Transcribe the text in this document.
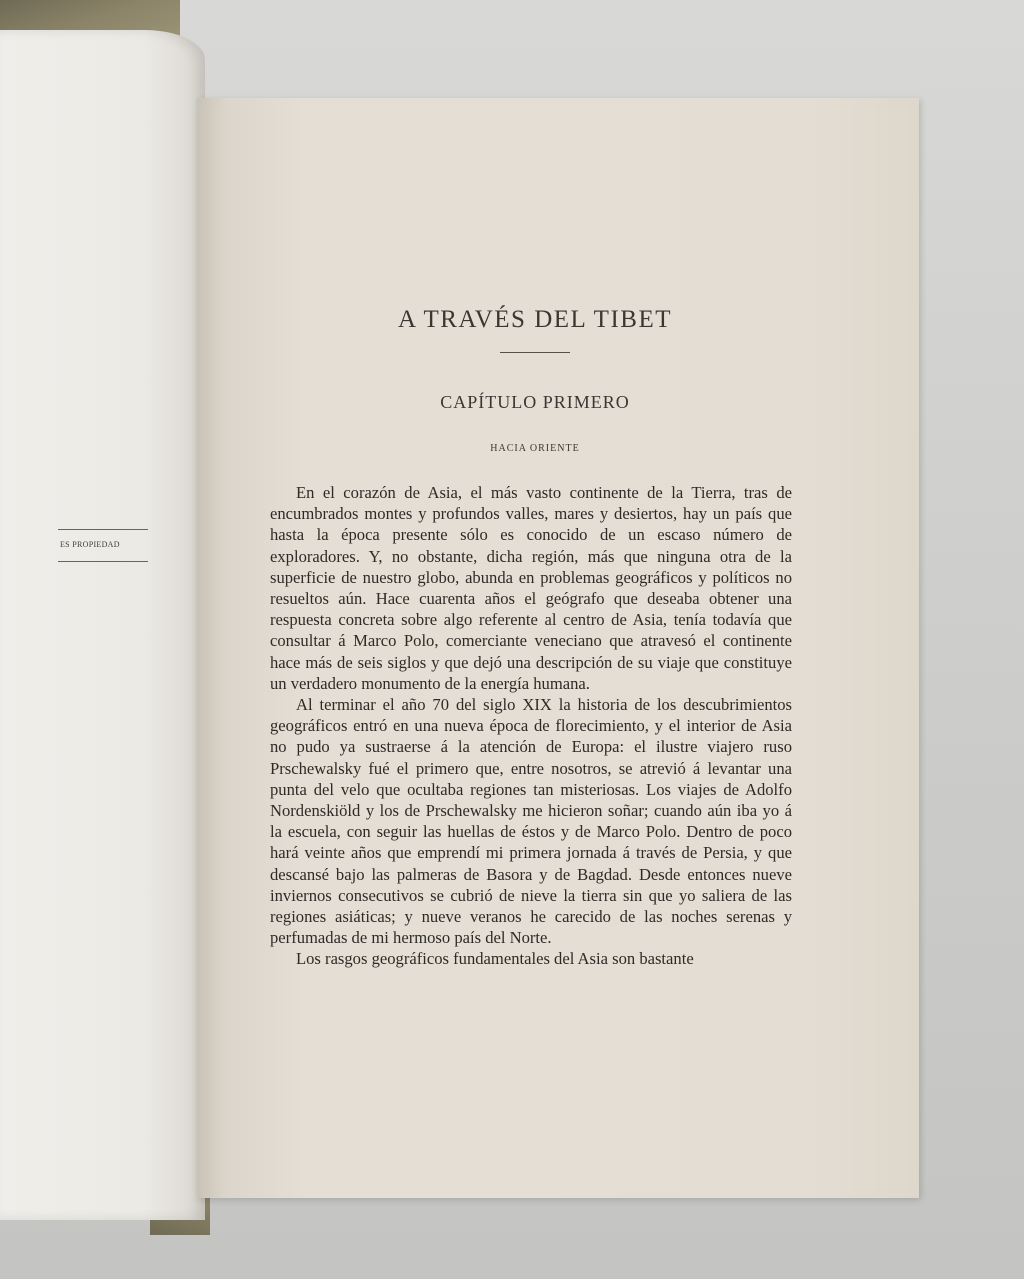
ES PROPIEDAD
A TRAVÉS DEL TIBET
CAPÍTULO PRIMERO
HACIA ORIENTE

En el corazón de Asia, el más vasto continente de la Tierra, tras de encumbrados montes y profundos valles, mares y desiertos, hay un país que hasta la época presente sólo es conocido de un escaso número de exploradores. Y, no obstante, dicha región, más que ninguna otra de la superficie de nuestro globo, abunda en problemas geográficos y políticos no resueltos aún. Hace cuarenta años el geógrafo que deseaba obtener una respuesta concreta sobre algo referente al centro de Asia, tenía todavía que consultar á Marco Polo, comerciante veneciano que atravesó el continente hace más de seis siglos y que dejó una descripción de su viaje que constituye un verdadero monumento de la energía humana.

Al terminar el año 70 del siglo XIX la historia de los descubrimientos geográficos entró en una nueva época de florecimiento, y el interior de Asia no pudo ya sustraerse á la atención de Europa: el ilustre viajero ruso Prschewalsky fué el primero que, entre nosotros, se atrevió á levantar una punta del velo que ocultaba regiones tan misteriosas. Los viajes de Adolfo Nordenskiöld y los de Prschewalsky me hicieron soñar; cuando aún iba yo á la escuela, con seguir las huellas de éstos y de Marco Polo. Dentro de poco hará veinte años que emprendí mi primera jornada á través de Persia, y que descansé bajo las palmeras de Basora y de Bagdad. Desde entonces nueve inviernos consecutivos se cubrió de nieve la tierra sin que yo saliera de las regiones asiáticas; y nueve veranos he carecido de las noches serenas y perfumadas de mi hermoso país del Norte.

Los rasgos geográficos fundamentales del Asia son bastante
